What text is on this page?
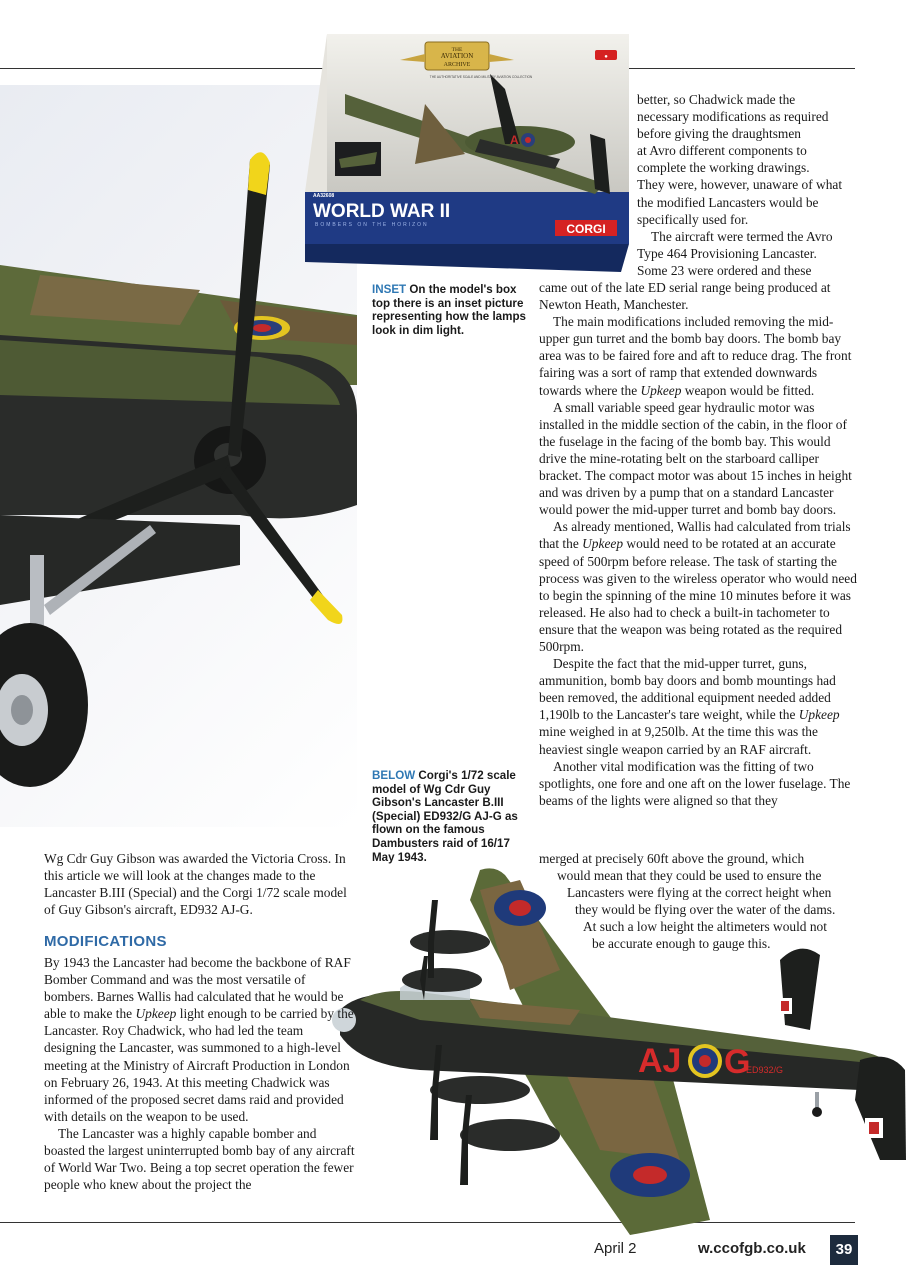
A
THE
AVIATION
ARCHIVE
THE AUTHORITATIVE SCALE AND MILITARY AVIATION COLLECTION
●
AA32608
WORLD WAR II
BOMBERS ON THE HORIZON	CORGI
AJ G
ED932/G
INSET On the model's box top there is an inset picture representing how the lamps look in dim light.
BELOW Corgi's 1/72 scale model of Wg Cdr Guy Gibson's Lancaster B.III (Special) ED932/G AJ-G as flown on the famous Dambusters raid of 16/17 May 1943.

Wg Cdr Guy Gibson was awarded the Victoria Cross. In this article we will look at the changes made to the Lancaster B.III (Special) and the Corgi 1/72 scale model of Guy Gibson's aircraft, ED932 AJ-G.

MODIFICATIONS

By 1943 the Lancaster had become the backbone of RAF Bomber Command and was the most versatile of bombers. Barnes Wallis had calculated that he would be able to make the Upkeep light enough to be carried by the Lancaster. Roy Chadwick, who had led the team designing the Lancaster, was summoned to a high-level meeting at the Ministry of Aircraft Production in London on February 26, 1943. At this meeting Chadwick was informed of the proposed secret dams raid and provided with details on the weapon to be used.

The Lancaster was a highly capable bomber and boasted the largest uninterrupted bomb bay of any aircraft of World War Two. Being a top secret operation the fewer people who knew about the project the

better, so Chadwick made the
necessary modifications as required
before giving the draughtsmen
at Avro different components to
complete the working drawings.
They were, however, unaware of what
the modified Lancasters would be
specifically used for.
The aircraft were termed the Avro
Type 464 Provisioning Lancaster.
Some 23 were ordered and these

came out of the late ED serial range being produced at Newton Heath, Manchester.

The main modifications included removing the mid-upper gun turret and the bomb bay doors. The bomb bay area was to be faired fore and aft to reduce drag. The front fairing was a sort of ramp that extended downwards towards where the Upkeep weapon would be fitted.

A small variable speed gear hydraulic motor was installed in the middle section of the cabin, in the floor of the fuselage in the facing of the bomb bay. This would drive the mine-rotating belt on the starboard calliper bracket. The compact motor was about 15 inches in height and was driven by a pump that on a standard Lancaster would power the mid-upper turret and bomb bay doors.

As already mentioned, Wallis had calculated from trials that the Upkeep would need to be rotated at an accurate speed of 500rpm before release. The task of starting the process was given to the wireless operator who would need to begin the spinning of the mine 10 minutes before it was released. He also had to check a built-in tachometer to ensure that the weapon was being rotated as the required 500rpm.

Despite the fact that the mid-upper turret, guns, ammunition, bomb bay doors and bomb mountings had been removed, the additional equipment needed added 1,190lb to the Lancaster's tare weight, while the Upkeep mine weighed in at 9,250lb. At the time this was the heaviest single weapon carried by an RAF aircraft.

Another vital modification was the fitting of two spotlights, one fore and one aft on the lower fuselage. The beams of the lights were aligned so that they

merged at precisely 60ft above the ground, which
would mean that they could be used to ensure the
Lancasters were flying at the correct height when
they would be flying over the water of the dams.
At such a low height the altimeters would not
be accurate enough to gauge this.
April 2	w.ccofgb.co.uk	39
